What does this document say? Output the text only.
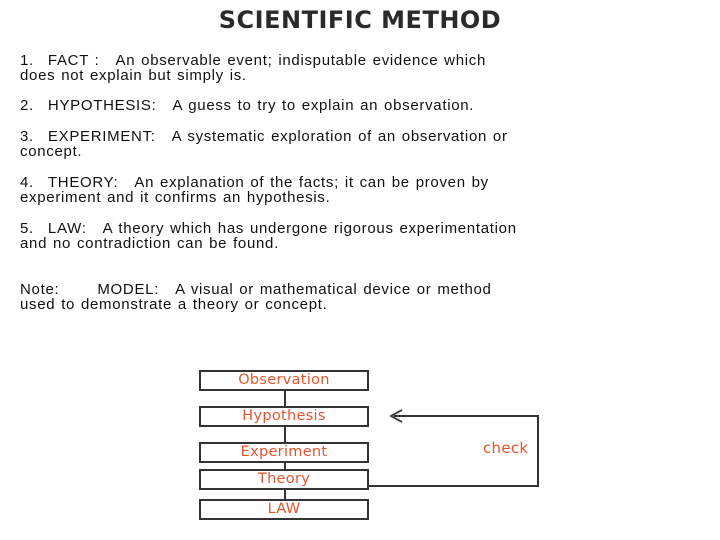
SCIENTIFIC METHOD
1. FACT : An observable event; indisputable evidence which
does not explain but simply is.
2. HYPOTHESIS: A guess to try to explain an observation.
3. EXPERIMENT: A systematic exploration of an observation or
concept.
4. THEORY: An explanation of the facts; it can be proven by
experiment and it confirms an hypothesis.
5. LAW: A theory which has undergone rigorous experimentation
and no contradiction can be found.
Note:	MODEL: A visual or mathematical device or method
used to demonstrate a theory or concept.
Observation
Hypothesis
Experiment
Theory
LAW
check
